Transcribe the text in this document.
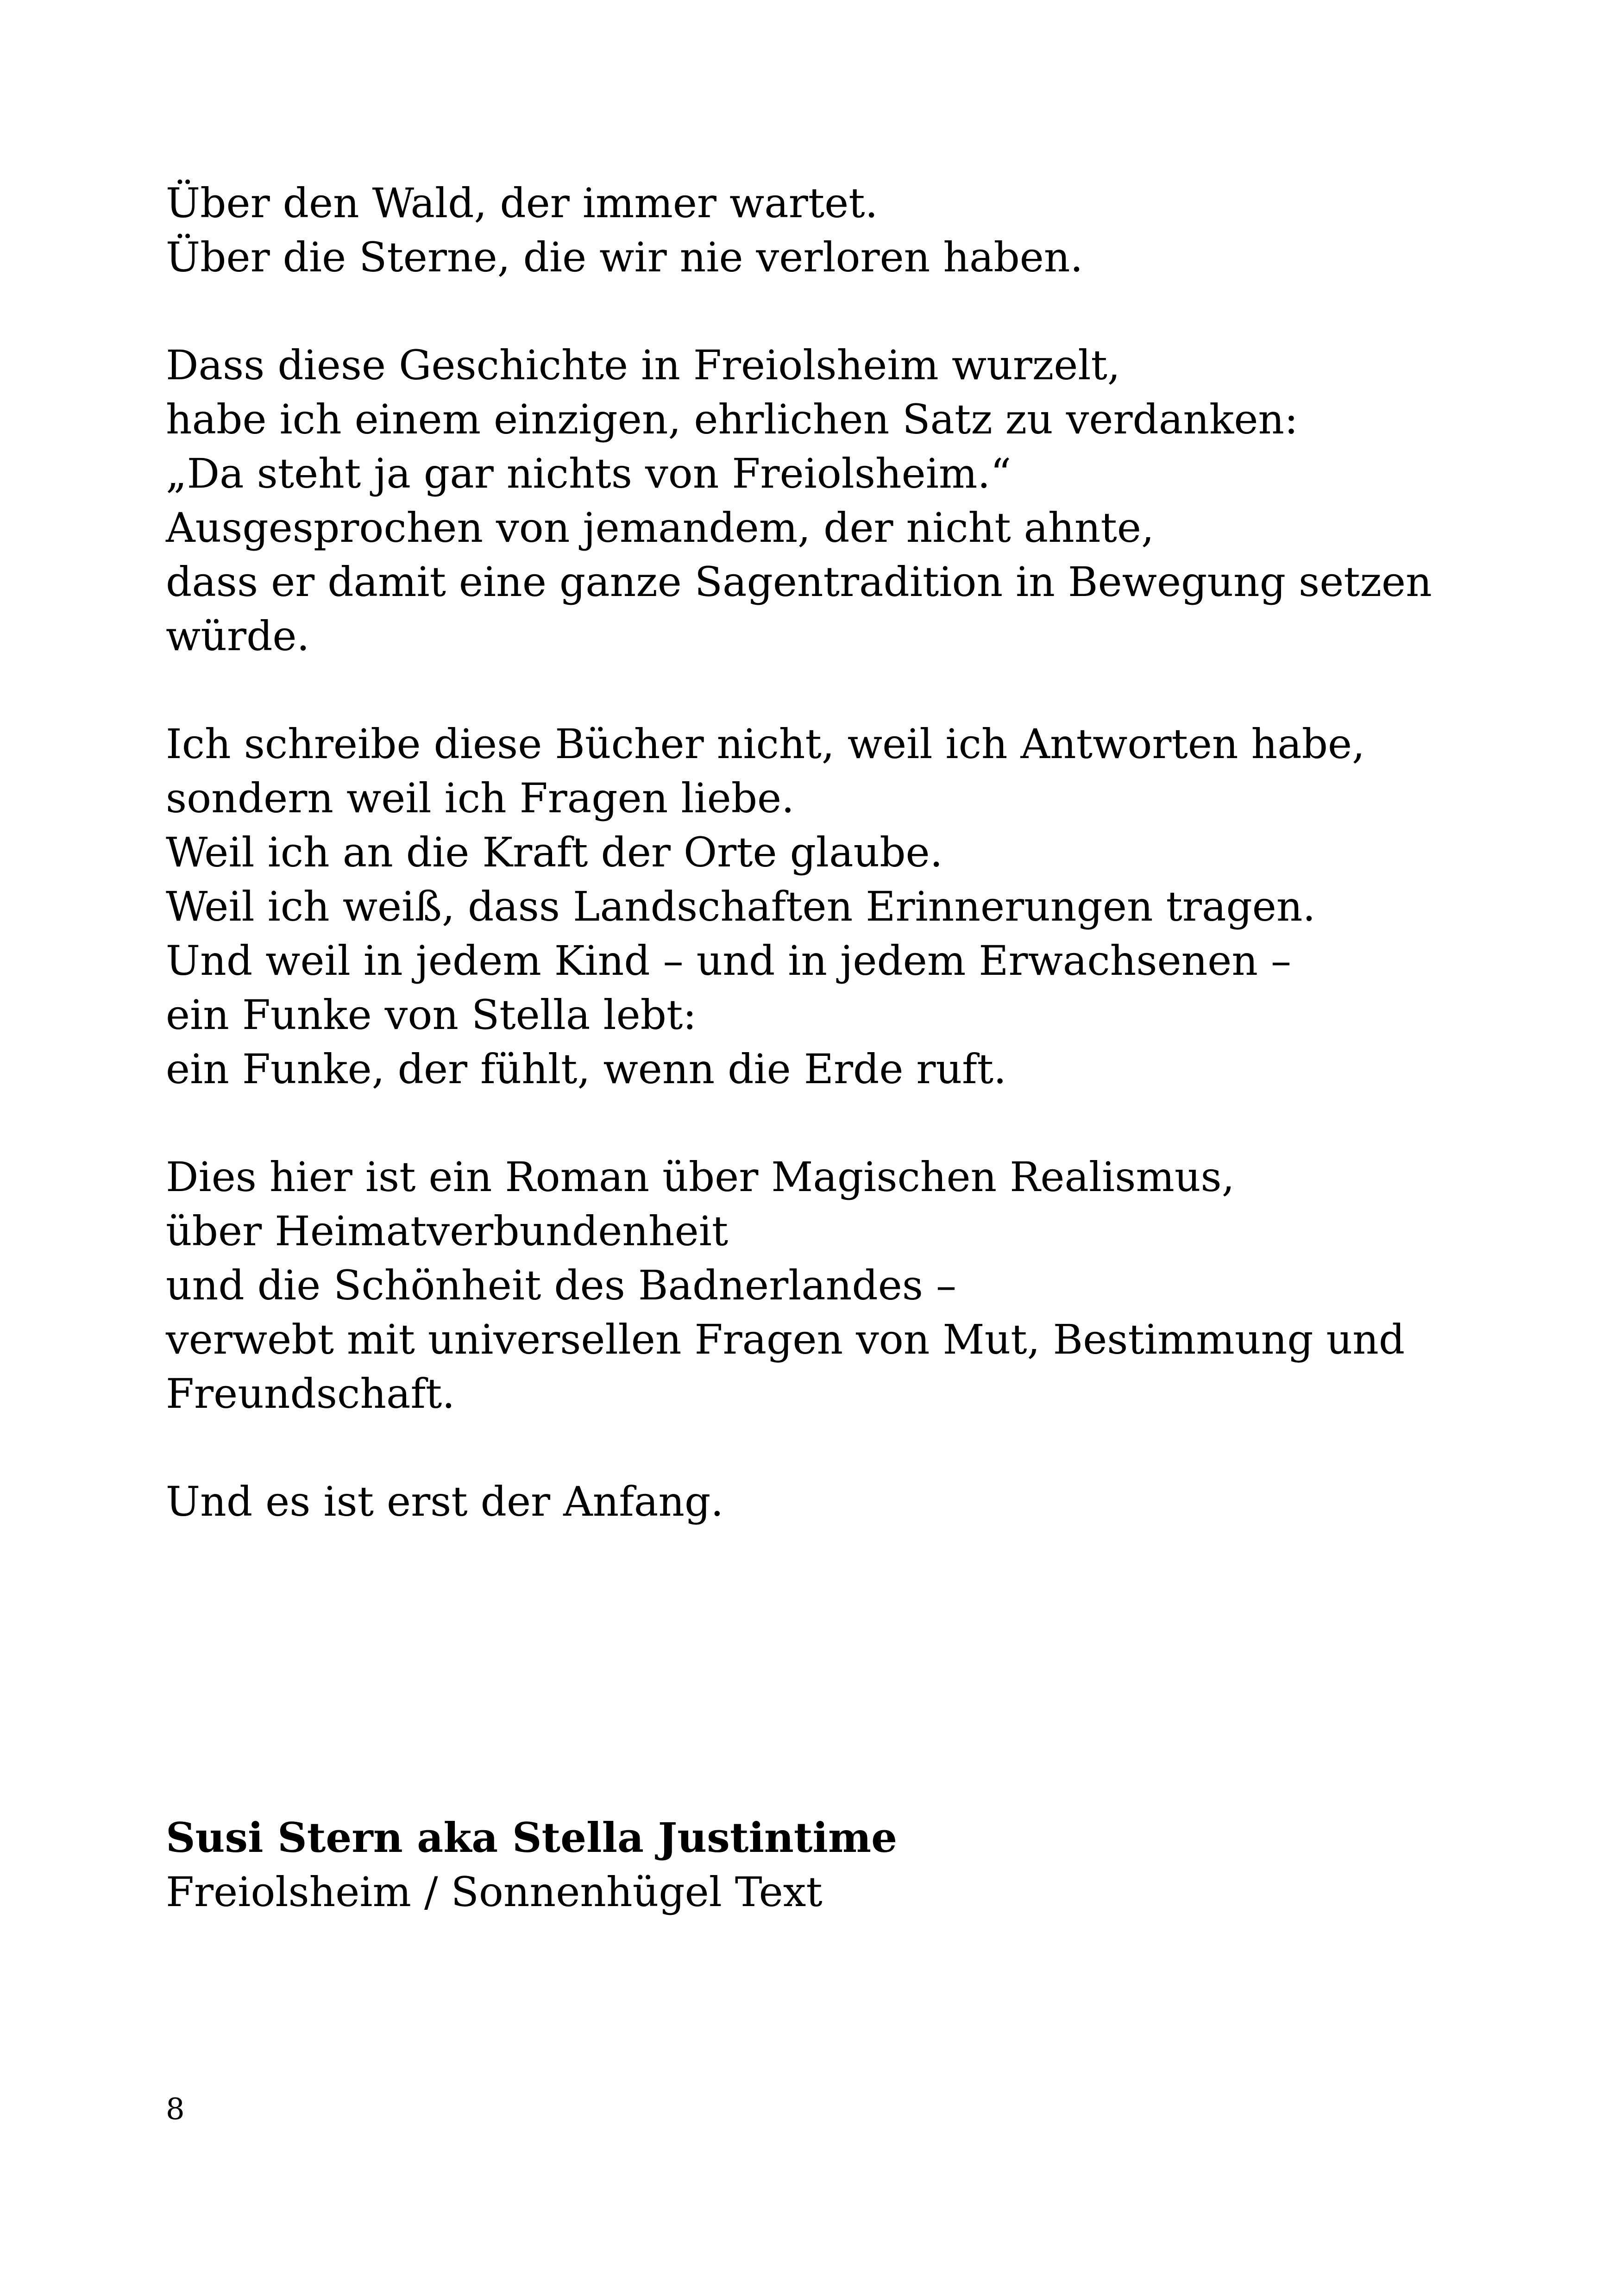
Über den Wald, der immer wartet.
Über die Sterne, die wir nie verloren haben.
Dass diese Geschichte in Freiolsheim wurzelt,
habe ich einem einzigen, ehrlichen Satz zu verdanken:
„Da steht ja gar nichts von Freiolsheim.“
Ausgesprochen von jemandem, der nicht ahnte,
dass er damit eine ganze Sagentradition in Bewegung setzen
würde.
Ich schreibe diese Bücher nicht, weil ich Antworten habe,
sondern weil ich Fragen liebe.
Weil ich an die Kraft der Orte glaube.
Weil ich weiß, dass Landschaften Erinnerungen tragen.
Und weil in jedem Kind – und in jedem Erwachsenen –
ein Funke von Stella lebt:
ein Funke, der fühlt, wenn die Erde ruft.
Dies hier ist ein Roman über Magischen Realismus,
über Heimatverbundenheit
und die Schönheit des Badnerlandes –
verwebt mit universellen Fragen von Mut, Bestimmung und
Freundschaft.
Und es ist erst der Anfang.
Susi Stern aka Stella Justintime
Freiolsheim / Sonnenhügel Text
8
